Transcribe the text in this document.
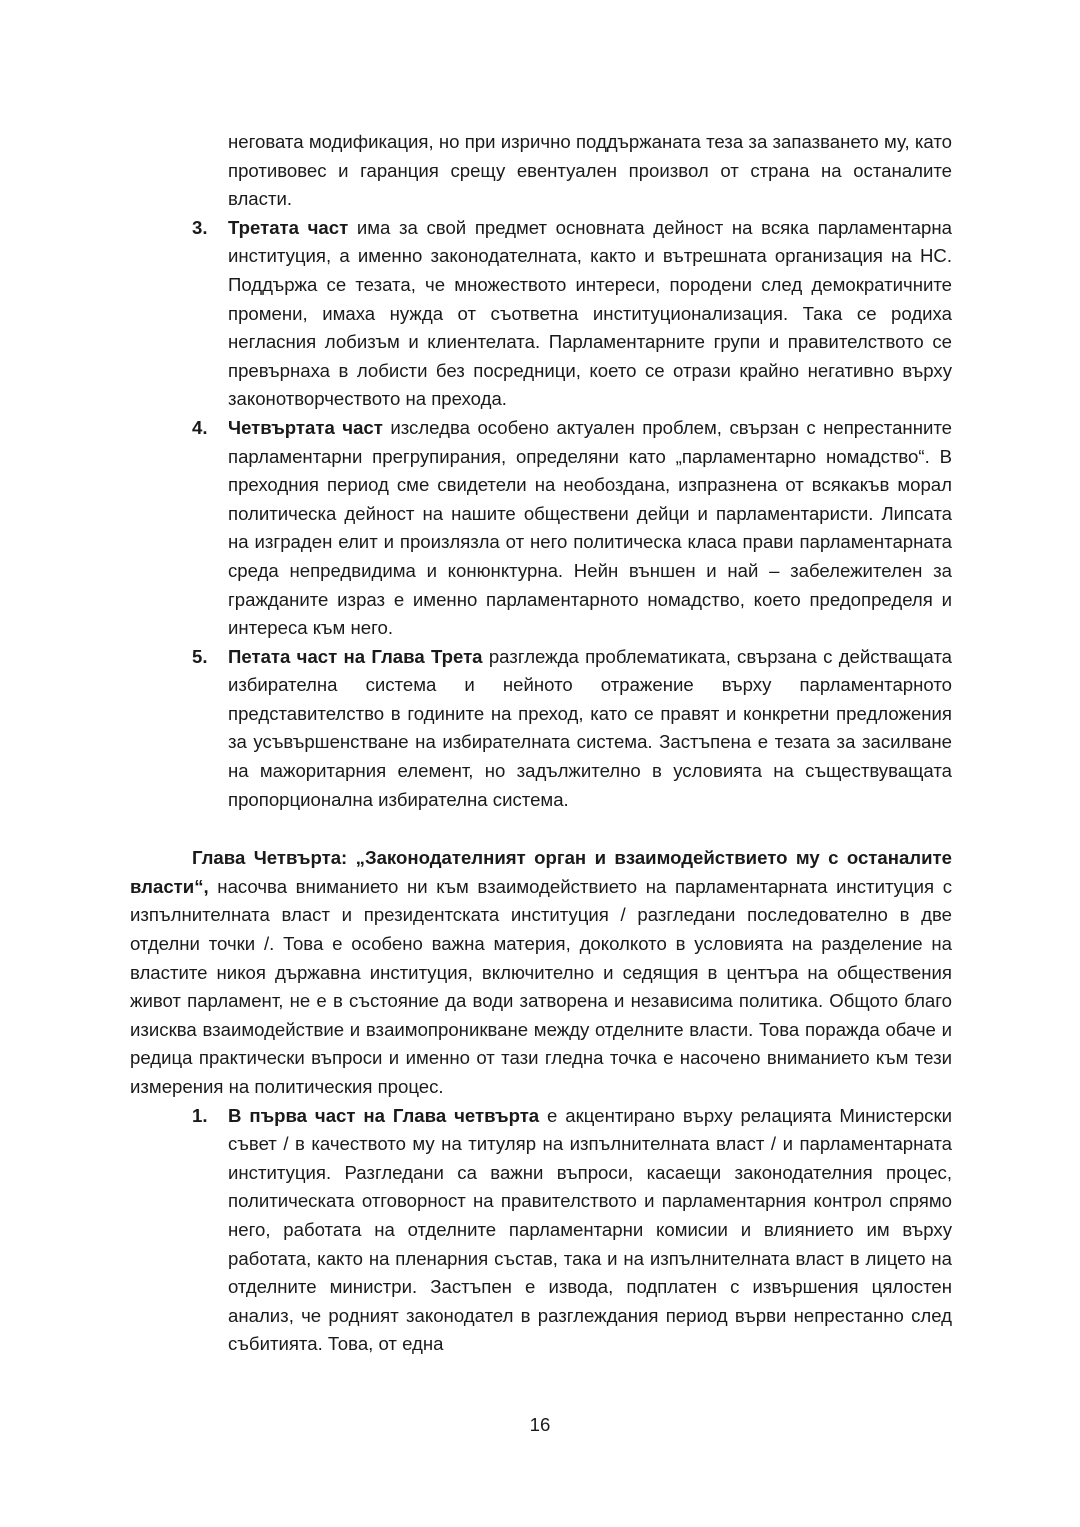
неговата модификация, но при изрично поддържаната теза за запазването му, като противовес и гаранция срещу евентуален произвол от страна на останалите власти.

3. Третата част има за свой предмет основната дейност на всяка парламентарна институция, а именно законодателната, както и вътрешната организация на НС. Поддържа се тезата, че множеството интереси, породени след демократичните промени, имаха нужда от съответна институционализация. Така се родиха негласния лобизъм и клиентелата. Парламентарните групи и правителството се превърнаха в лобисти без посредници, което се отрази крайно негативно върху законотворчеството на прехода.

4. Четвъртата част изследва особено актуален проблем, свързан с непрестанните парламентарни прегрупирания, определяни като „парламентарно номадство“. В преходния период сме свидетели на необоздана, изпразнена от всякакъв морал политическа дейност на нашите обществени дейци и парламентаристи. Липсата на изграден елит и произлязла от него политическа класа прави парламентарната среда непредвидима и конюнктурна. Нейн външен и най – забележителен за гражданите израз е именно парламентарното номадство, което предопределя и интереса към него.

5. Петата част на Глава Трета разглежда проблематиката, свързана с действащата избирателна система и нейното отражение върху парламентарното представителство в годините на преход, като се правят и конкретни предложения за усъвършенстване на избирателната система. Застъпена е тезата за засилване на мажоритарния елемент, но задължително в условията на съществуващата пропорционална избирателна система.

Глава Четвърта: „Законодателният орган и взаимодействието му с останалите власти“, насочва вниманието ни към взаимодействието на парламентарната институция с изпълнителната власт и президентската институция / разгледани последователно в две отделни точки /. Това е особено важна материя, доколкото в условията на разделение на властите никоя държавна институция, включително и седящия в центъра на обществения живот парламент, не е в състояние да води затворена и независима политика. Общото благо изисква взаимодействие и взаимопроникване между отделните власти. Това поражда обаче и редица практически въпроси и именно от тази гледна точка е насочено вниманието към тези измерения на политическия процес.

1. В първа част на Глава четвърта е акцентирано върху релацията Министерски съвет / в качеството му на титуляр на изпълнителната власт / и парламентарната институция. Разгледани са важни въпроси, касаещи законодателния процес, политическата отговорност на правителството и парламентарния контрол спрямо него, работата на отделните парламентарни комисии и влиянието им върху работата, както на пленарния състав, така и на изпълнителната власт в лицето на отделните министри. Застъпен е извода, подплатен с извършения цялостен анализ, че родният законодател в разглеждания период върви непрестанно след събитията. Това, от една

16
